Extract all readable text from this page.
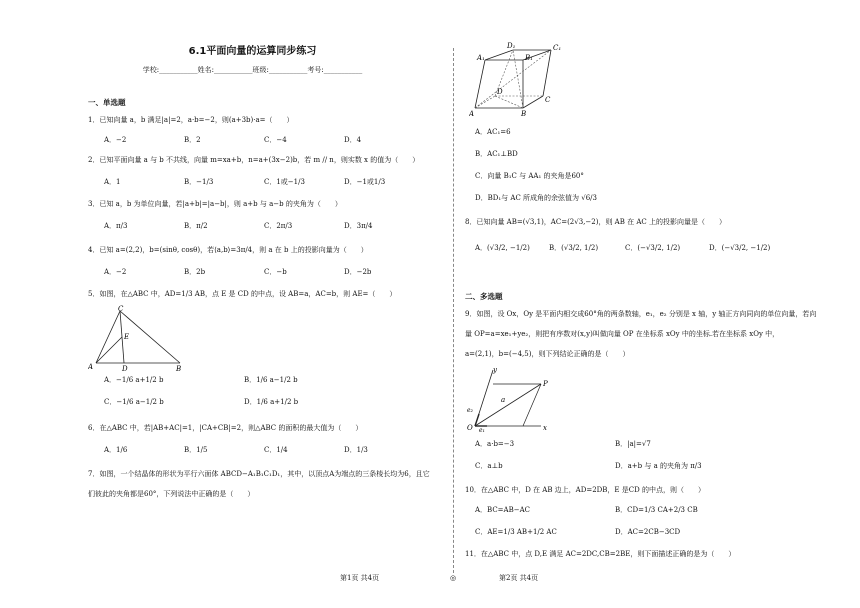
6.1平面向量的运算同步练习
学校:___________姓名:___________班级:___________考号:___________
一、单选题
1．已知向量 a，b 满足|a|=2，a·b=−2，则(a+3b)·a=（　　）
A．−2	B．2	C．−4	D．4
2．已知平面向量 a 与 b 不共线，向量 m=xa+b，n=a+(3x−2)b，若 m // n，则实数 x 的值为（　　）
A．1	B．−1/3	C．1或−1/3	D．−1或1/3
3．已知 a，b 为单位向量，若|a+b|=|a−b|，则 a+b 与 a−b 的夹角为（　　）
A．π/3	B．π/2	C．2π/3	D．3π/4
4．已知 a=(2,2)，b=(sinθ, cosθ)，若⟨a,b⟩=3π/4，则 a 在 b 上的投影向量为（　　）
A．−2	B．2b	C．−b	D．−2b
5．如图，在△ABC 中，AD=1/3 AB，点 E 是 CD 的中点，设 AB=a，AC=b，则 AE=（　　）
C
A	D	B
E
A．−1/6 a+1/2 b	B．1/6 a−1/2 b
C．−1/6 a−1/2 b	D．1/6 a+1/2 b
6．在△ABC 中，若|AB+AC|=1，|CA+CB|=2，则△ABC 的面积的最大值为（　　）
A．1/6	B．1/5	C．1/4	D．1/3
7．如图，一个结晶体的形状为平行六面体 ABCD−A₁B₁C₁D₁，其中，以顶点A为端点的三条棱长均为6，且它
们彼此的夹角都是60°，下列说法中正确的是（　　）
第1页 共4页	◎
A	B
C
D
A₁	B₁
C₁
D₁
A．AC₁=6
B．AC₁⊥BD
C．向量 B₁C 与 AA₁ 的夹角是60°
D．BD₁与 AC 所成角的余弦值为 √6/3
8．已知向量 AB=(√3,1)，AC=(2√3,−2)，则 AB 在 AC 上的投影向量是（　　）
A．(√3/2, −1/2)	B．(√3/2, 1/2)	C．(−√3/2, 1/2)	D．(−√3/2, −1/2)
二、多选题
9．如图，设 Ox，Oy 是平面内相交成60°角的两条数轴，e₁，e₂ 分别是 x 轴，y 轴正方向同向的单位向量，若向
量 OP=a=xe₁+ye₂，则把有序数对(x,y)叫做向量 OP 在坐标系 xOy 中的坐标.若在坐标系 xOy 中，
a=(2,1)，b=(−4,5)，则下列结论正确的是（　　）
O
P
x
y
a
e₁
e₂
A．a·b=−3	B．|a|=√7
C．a⊥b	D．a+b 与 a 的夹角为 π/3
10．在△ABC 中，D 在 AB 边上，AD=2DB，E 是CD 的中点，则（　　）
A．BC=AB−AC	B．CD=1/3 CA+2/3 CB
C．AE=1/3 AB+1/2 AC	D．AC=2CB−3CD
11．在△ABC 中，点 D,E 满足 AC=2DC,CB=2BE，则下面描述正确的是为（　　）
第2页 共4页
